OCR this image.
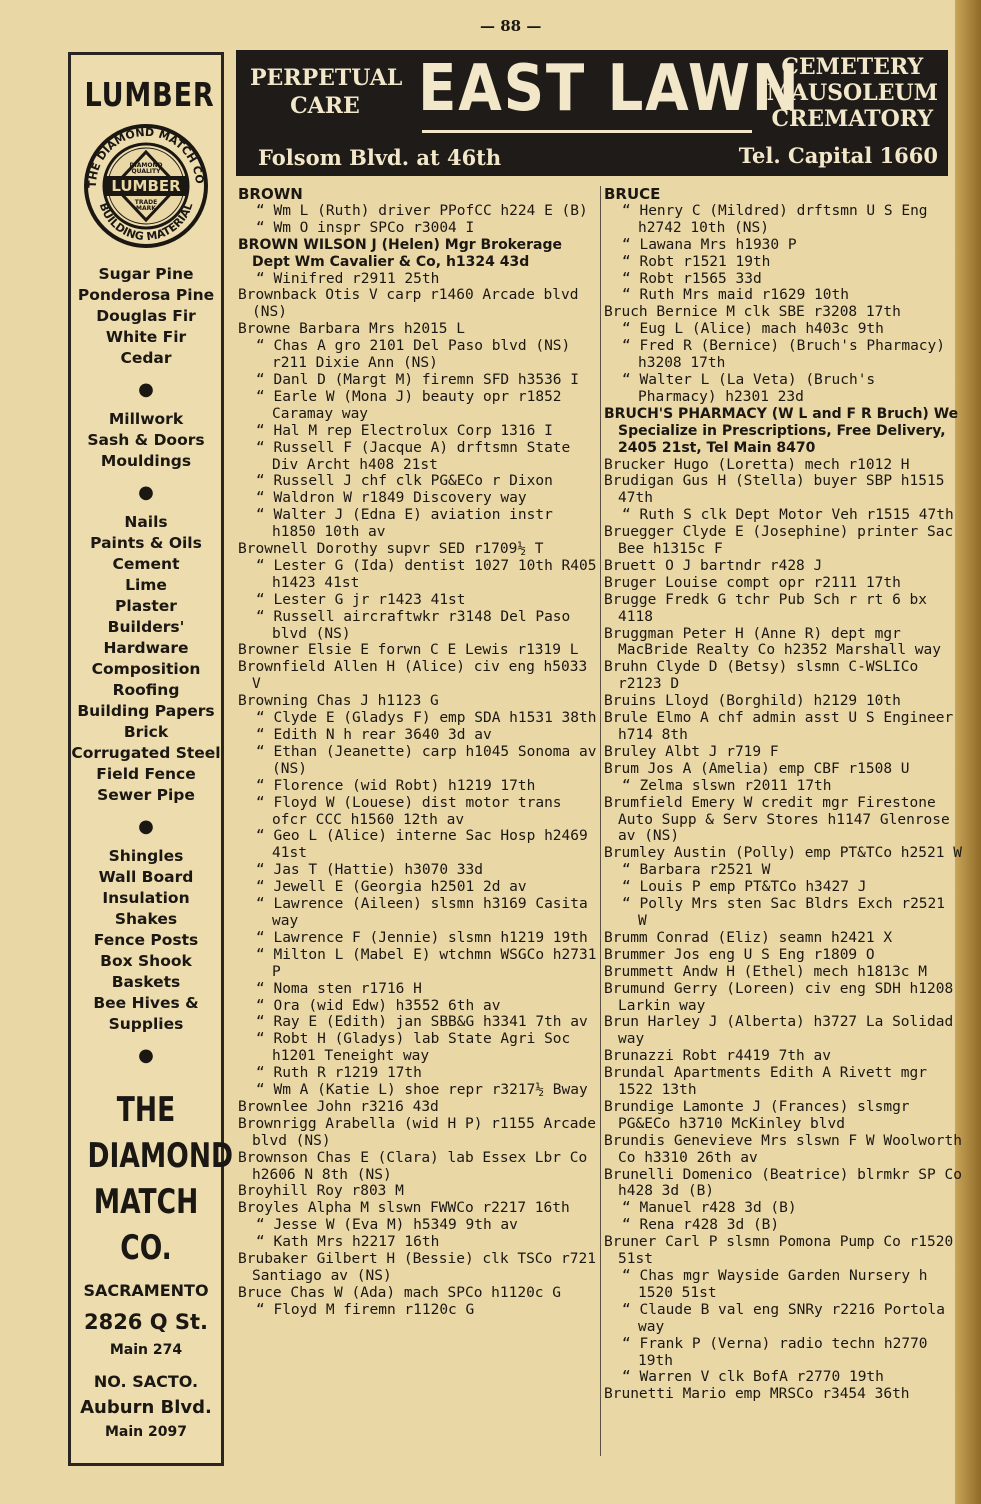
— 88 —
LUMBER
LUMBER
DIAMOND
QUALITY
TRADE
MARK
THE DIAMOND MATCH CO
BUILDING MATERIAL
Sugar Pine
Ponderosa Pine
Douglas Fir
White Fir
Cedar
●
Millwork
Sash & Doors
Mouldings
●
Nails
Paints & Oils
Cement
Lime
Plaster
Builders'
Hardware
Composition
Roofing
Building Papers
Brick
Corrugated Steel
Field Fence
Sewer Pipe
●
Shingles
Wall Board
Insulation
Shakes
Fence Posts
Box Shook
Baskets
Bee Hives &
Supplies
●
THE
DIAMOND
MATCH
CO.
SACRAMENTO
2826 Q St.
Main 274
NO. SACTO.
Auburn Blvd.
Main 2097
PERPETUAL
CARE EAST LAWN
CEMETERY
MAUSOLEUM
CREMATORY
Folsom Blvd. at 46th	Tel. Capital 1660
BROWN
“ Wm L (Ruth) driver PPofCC h224 E (B)
“ Wm O inspr SPCo r3004 I
BROWN WILSON J (Helen) Mgr Brokerage Dept Wm Cavalier & Co, h1324 43d
“ Winifred r2911 25th
Brownback Otis V carp r1460 Arcade blvd (NS)
Browne Barbara Mrs h2015 L
“ Chas A gro 2101 Del Paso blvd (NS) r211 Dixie Ann (NS)
“ Danl D (Margt M) firemn SFD h3536 I
“ Earle W (Mona J) beauty opr r1852 Caramay way
“ Hal M rep Electrolux Corp 1316 I
“ Russell F (Jacque A) drftsmn State Div Archt h408 21st
“ Russell J chf clk PG&ECo r Dixon
“ Waldron W r1849 Discovery way
“ Walter J (Edna E) aviation instr h1850 10th av
Brownell Dorothy supvr SED r1709½ T
“ Lester G (Ida) dentist 1027 10th R405 h1423 41st
“ Lester G jr r1423 41st
“ Russell aircraftwkr r3148 Del Paso blvd (NS)
Browner Elsie E forwn C E Lewis r1319 L
Brownfield Allen H (Alice) civ eng h5033 V
Browning Chas J h1123 G
“ Clyde E (Gladys F) emp SDA h1531 38th
“ Edith N h rear 3640 3d av
“ Ethan (Jeanette) carp h1045 Sonoma av (NS)
“ Florence (wid Robt) h1219 17th
“ Floyd W (Louese) dist motor trans ofcr CCC h1560 12th av
“ Geo L (Alice) interne Sac Hosp h2469 41st
“ Jas T (Hattie) h3070 33d
“ Jewell E (Georgia h2501 2d av
“ Lawrence (Aileen) slsmn h3169 Casita way
“ Lawrence F (Jennie) slsmn h1219 19th
“ Milton L (Mabel E) wtchmn WSGCo h2731 P
“ Noma sten r1716 H
“ Ora (wid Edw) h3552 6th av
“ Ray E (Edith) jan SBB&G h3341 7th av
“ Robt H (Gladys) lab State Agri Soc h1201 Teneight way
“ Ruth R r1219 17th
“ Wm A (Katie L) shoe repr r3217½ Bway
Brownlee John r3216 43d
Brownrigg Arabella (wid H P) r1155 Arcade blvd (NS)
Brownson Chas E (Clara) lab Essex Lbr Co h2606 N 8th (NS)
Broyhill Roy r803 M
Broyles Alpha M slswn FWWCo r2217 16th
“ Jesse W (Eva M) h5349 9th av
“ Kath Mrs h2217 16th
Brubaker Gilbert H (Bessie) clk TSCo r721 Santiago av (NS)
Bruce Chas W (Ada) mach SPCo h1120c G
“ Floyd M firemn r1120c G
BRUCE
“ Henry C (Mildred) drftsmn U S Eng h2742 10th (NS)
“ Lawana Mrs h1930 P
“ Robt r1521 19th
“ Robt r1565 33d
“ Ruth Mrs maid r1629 10th
Bruch Bernice M clk SBE r3208 17th
“ Eug L (Alice) mach h403c 9th
“ Fred R (Bernice) (Bruch's Pharmacy) h3208 17th
“ Walter L (La Veta) (Bruch's Pharmacy) h2301 23d
BRUCH'S PHARMACY (W L and F R Bruch) We Specialize in Prescriptions, Free Delivery, 2405 21st, Tel Main 8470
Brucker Hugo (Loretta) mech r1012 H
Brudigan Gus H (Stella) buyer SBP h1515 47th
“ Ruth S clk Dept Motor Veh r1515 47th
Bruegger Clyde E (Josephine) printer Sac Bee h1315c F
Bruett O J bartndr r428 J
Bruger Louise compt opr r2111 17th
Brugge Fredk G tchr Pub Sch r rt 6 bx 4118
Bruggman Peter H (Anne R) dept mgr MacBride Realty Co h2352 Marshall way
Bruhn Clyde D (Betsy) slsmn C-WSLICo r2123 D
Bruins Lloyd (Borghild) h2129 10th
Brule Elmo A chf admin asst U S Engineer h714 8th
Bruley Albt J r719 F
Brum Jos A (Amelia) emp CBF r1508 U
“ Zelma slswn r2011 17th
Brumfield Emery W credit mgr Firestone Auto Supp & Serv Stores h1147 Glenrose av (NS)
Brumley Austin (Polly) emp PT&TCo h2521 W
“ Barbara r2521 W
“ Louis P emp PT&TCo h3427 J
“ Polly Mrs sten Sac Bldrs Exch r2521 W
Brumm Conrad (Eliz) seamn h2421 X
Brummer Jos eng U S Eng r1809 O
Brummett Andw H (Ethel) mech h1813c M
Brumund Gerry (Loreen) civ eng SDH h1208 Larkin way
Brun Harley J (Alberta) h3727 La Solidad way
Brunazzi Robt r4419 7th av
Brundal Apartments Edith A Rivett mgr 1522 13th
Brundige Lamonte J (Frances) slsmgr PG&ECo h3710 McKinley blvd
Brundis Genevieve Mrs slswn F W Woolworth Co h3310 26th av
Brunelli Domenico (Beatrice) blrmkr SP Co h428 3d (B)
“ Manuel r428 3d (B)
“ Rena r428 3d (B)
Bruner Carl P slsmn Pomona Pump Co r1520 51st
“ Chas mgr Wayside Garden Nursery h 1520 51st
“ Claude B val eng SNRy r2216 Portola way
“ Frank P (Verna) radio techn h2770 19th
“ Warren V clk BofA r2770 19th
Brunetti Mario emp MRSCo r3454 36th
